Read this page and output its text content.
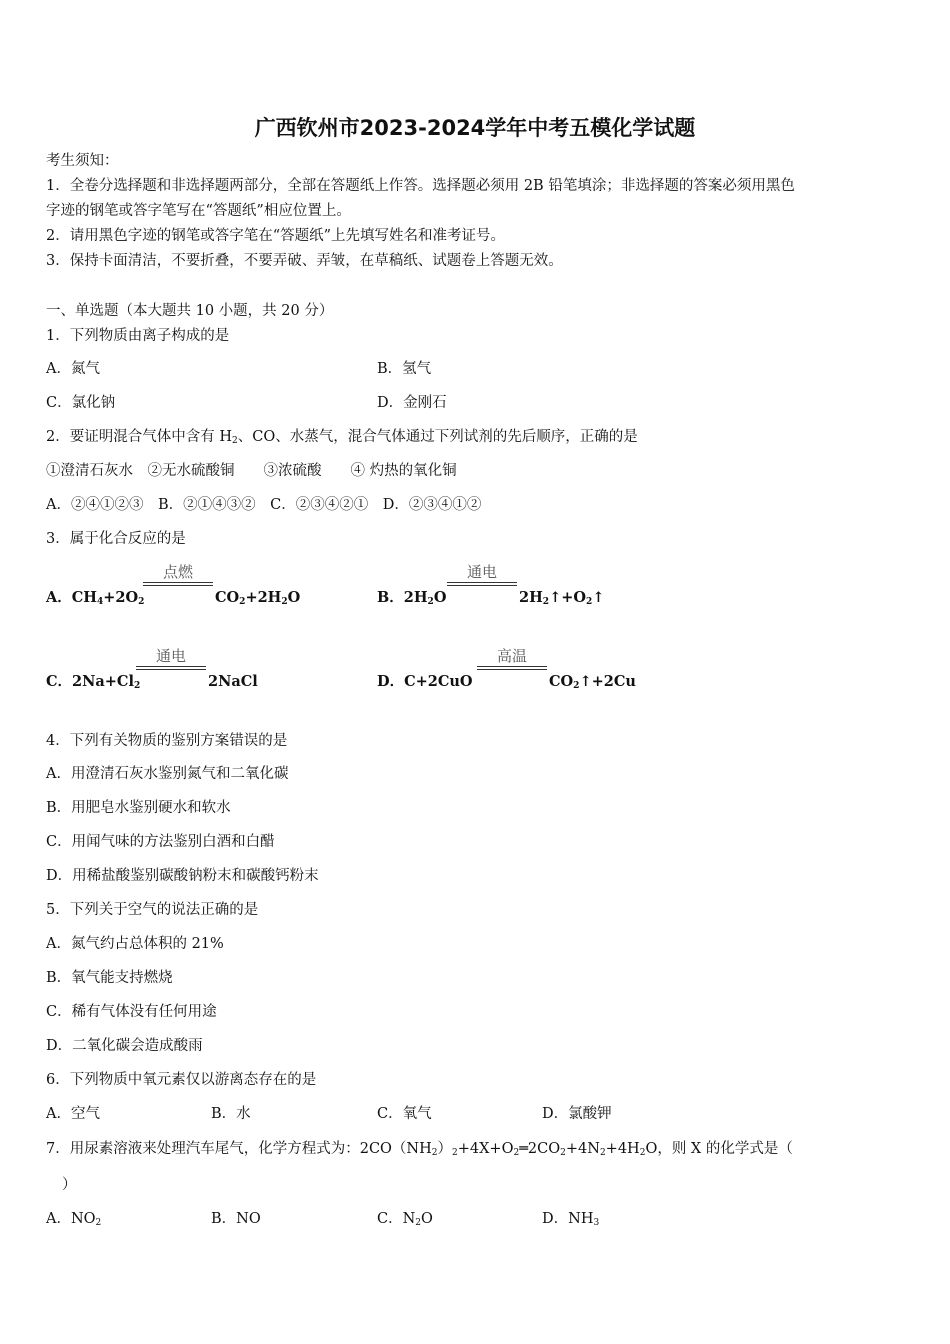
广西钦州市2023-2024学年中考五模化学试题
考生须知：
1．全卷分选择题和非选择题两部分，全部在答题纸上作答。选择题必须用 2B 铅笔填涂；非选择题的答案必须用黑色
字迹的钢笔或答字笔写在“答题纸”相应位置上。
2．请用黑色字迹的钢笔或答字笔在“答题纸”上先填写姓名和准考证号。
3．保持卡面清洁，不要折叠，不要弄破、弄皱，在草稿纸、试题卷上答题无效。
一、单选题（本大题共 10 小题，共 20 分）
1．下列物质由离子构成的是
A．氮气	B．氢气
C．氯化钠	D．金刚石
2．要证明混合气体中含有 $H_2$、CO、水蒸气，混合气体通过下列试剂的先后顺序，正确的是
①澄清石灰水　②无水硫酸铜　　③浓硫酸　　④ 灼热的氧化铜
A．②④①②③　B．②①④③②　C．②③④②①　D．②③④①②
3．属于化合反应的是
A．$CH_4+2O_2$
点燃
$CO_2+2H_2O$	B．$2H_2O$
通电
$2H_2↑+O_2↑$
C．$2Na+Cl_2$
通电
2NaCl	D．C+2CuO
高温
$CO_2↑+2Cu$
4．下列有关物质的鉴别方案错误的是
A．用澄清石灰水鉴别氮气和二氧化碳
B．用肥皂水鉴别硬水和软水
C．用闻气味的方法鉴别白酒和白醋
D．用稀盐酸鉴别碳酸钠粉末和碳酸钙粉末
5．下列关于空气的说法正确的是
A．氮气约占总体积的 21%
B．氧气能支持燃烧
C．稀有气体没有任何用途
D．二氧化碳会造成酸雨
6．下列物质中氧元素仅以游离态存在的是
A．空气	B．水	C．氧气	D．氯酸钾
7．用尿素溶液来处理汽车尾气，化学方程式为：$2CO(NH_2)_2+4X+O_2═2CO_2+4N_2+4H_2O$，则 X 的化学式是（
）
A．$NO_2$	B．NO	C．$N_2O$	D．$NH_3$
